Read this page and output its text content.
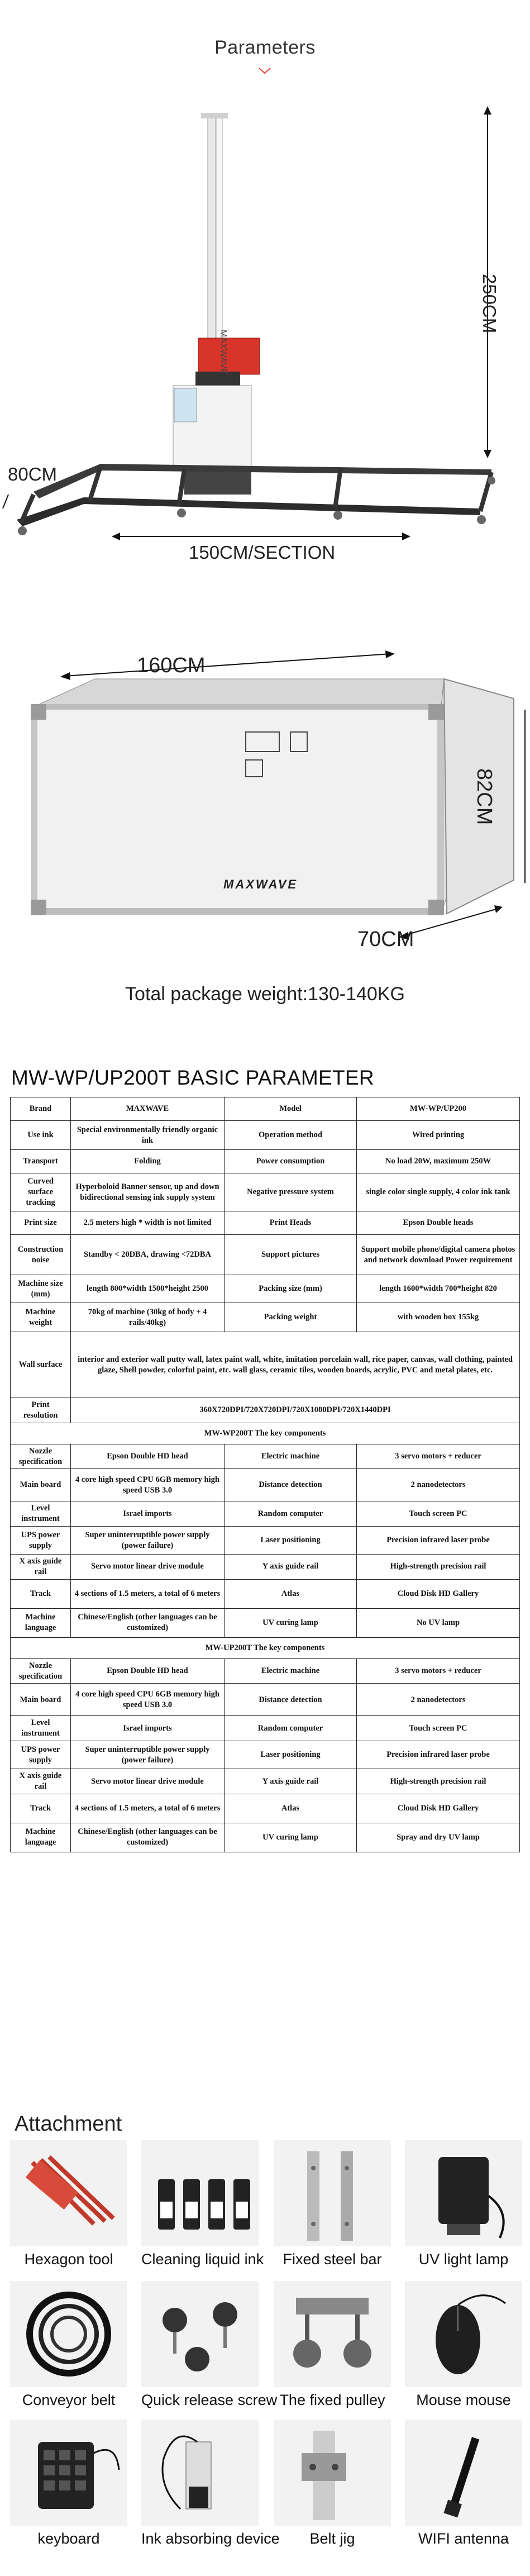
Parameters
MAXWAVE
250CM
80CM
150CM/SECTION
160CM
82CM
70CM
MAXWAVE
Total package weight:130-140KG
MW-WP/UP200T BASIC PARAMETER
Brand	MAXWAVE	Model	MW-WP/UP200
Use ink	Special environmentally friendly organic ink	Operation method	Wired printing
Transport	Folding	Power consumption	No load 20W, maximum 250W
Curved surface tracking	Hyperboloid Banner sensor, up and down bidirectional sensing ink supply system	Negative pressure system	single color single supply, 4 color ink tank
Print size	2.5 meters high * width is not limited	Print Heads	Epson Double heads
Construction noise	Standby < 20DBA, drawing <72DBA	Support pictures	Support mobile phone/digital camera photos and network download Power requirement
Machine size (mm)	length 800*width 1500*height 2500	Packing size (mm)	length 1600*width 700*height 820
Machine weight	70kg of machine (30kg of body + 4 rails/40kg)	Packing weight	with wooden box 155kg
Wall surface	interior and exterior wall putty wall, latex paint wall, white, imitation porcelain wall, rice paper, canvas, wall clothing, painted glaze, Shell powder, colorful paint, etc. wall glass, ceramic tiles, wooden boards, acrylic, PVC and metal plates, etc.		
Print resolution	360X720DPI/720X720DPI/720X1080DPI/720X1440DPI		
MW-WP200T The key components			
Nozzle specification	Epson Double HD head	Electric machine	3 servo motors + reducer
Main board	4 core high speed CPU 6GB memory high speed USB 3.0	Distance detection	2 nanodetectors
Level instrument	Israel imports	Random computer	Touch screen PC
UPS power supply	Super uninterruptible power supply (power failure)	Laser positioning	Precision infrared laser probe
X axis guide rail	Servo motor linear drive module	Y axis guide rail	High-strength precision rail
Track	4 sections of 1.5 meters, a total of 6 meters	Atlas	Cloud Disk HD Gallery
Machine language	Chinese/English (other languages can be customized)	UV curing lamp	No UV lamp
MW-UP200T The key components			
Nozzle specification	Epson Double HD head	Electric machine	3 servo motors + reducer
Main board	4 core high speed CPU 6GB memory high speed USB 3.0	Distance detection	2 nanodetectors
Level instrument	Israel imports	Random computer	Touch screen PC
UPS power supply	Super uninterruptible power supply (power failure)	Laser positioning	Precision infrared laser probe
X axis guide rail	Servo motor linear drive module	Y axis guide rail	High-strength precision rail
Track	4 sections of 1.5 meters, a total of 6 meters	Atlas	Cloud Disk HD Gallery
Machine language	Chinese/English (other languages can be customized)	UV curing lamp	Spray and dry UV lamp
Attachment
Hexagon tool	Cleaning liquid ink	Fixed steel bar	UV light lamp
Conveyor belt	Quick release screw The fixed pulley	Mouse mouse
keyboard	Ink absorbing device	Belt jig	WIFI antenna
